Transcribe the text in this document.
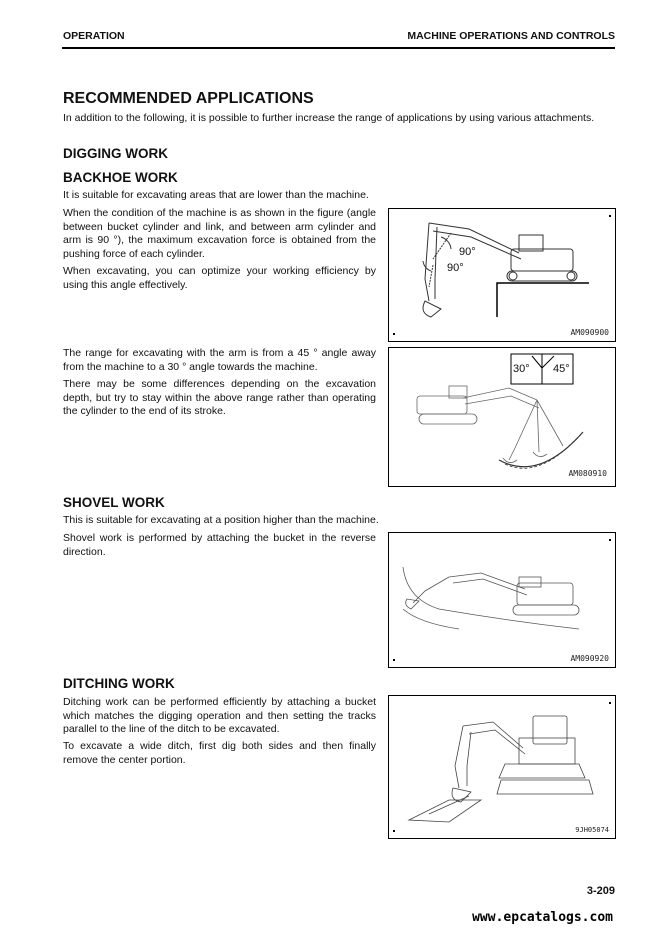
OPERATION	MACHINE OPERATIONS AND CONTROLS
RECOMMENDED APPLICATIONS
In addition to the following, it is possible to further increase the range of applications by using various attachments.
DIGGING WORK
BACKHOE WORK
It is suitable for excavating areas that are lower than the machine.
When the condition of the machine is as shown in the figure (angle between bucket cylinder and link, and between arm cylinder and arm is 90 °), the maximum excavation force is obtained from the pushing force of each cylinder.
When excavating, you can optimize your working efficiency by using this angle effectively.
The range for excavating with the arm is from a 45 ° angle away from the machine to a 30 ° angle towards the machine.
There may be some differences depending on the excavation depth, but try to stay within the above range rather than operating the cylinder to the end of its stroke.
90°
90°
AM090900
30° 45°
AM080910
SHOVEL WORK
This is suitable for excavating at a position higher than the machine.
Shovel work is performed by attaching the bucket in the reverse direction.
AM090920
DITCHING WORK
Ditching work can be performed efficiently by attaching a bucket which matches the digging operation and then setting the tracks parallel to the line of the ditch to be excavated.
To excavate a wide ditch, first dig both sides and then finally remove the center portion.
9JH05074
3-209
www.epcatalogs.com
